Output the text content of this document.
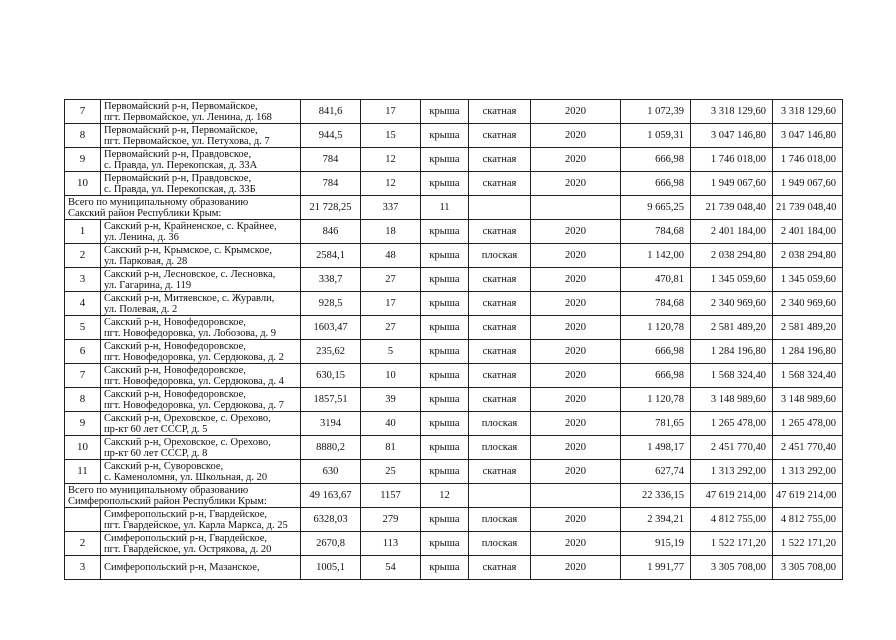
7	Первомайский р-н, Первомайское,
пгт. Первомайское, ул. Ленина, д. 168	841,6	17	крыша	скатная	2020	1 072,39	3 318 129,60	3 318 129,60
8	Первомайский р-н, Первомайское,
пгт. Первомайское, ул. Петухова, д. 7	944,5	15	крыша	скатная	2020	1 059,31	3 047 146,80	3 047 146,80
9	Первомайский р-н, Правдовское,
с. Правда, ул. Перекопская, д. 33А	784	12	крыша	скатная	2020	666,98	1 746 018,00	1 746 018,00
10	Первомайский р-н, Правдовское,
с. Правда, ул. Перекопская, д. 33Б	784	12	крыша	скатная	2020	666,98	1 949 067,60	1 949 067,60

Всего по муниципальному образованию
Сакский район Республики Крым:		21 728,25	337	11			9 665,25	21 739 048,40	21 739 048,40
1	Сакский р-н, Крайненское, с. Крайнее,
ул. Ленина, д. 36	846	18	крыша	скатная	2020	784,68	2 401 184,00	2 401 184,00
2	Сакский р-н, Крымское, с. Крымское,
ул. Парковая, д. 28	2584,1	48	крыша	плоская	2020	1 142,00	2 038 294,80	2 038 294,80
3	Сакский р-н, Лесновское, с. Лесновка,
ул. Гагарина, д. 119	338,7	27	крыша	скатная	2020	470,81	1 345 059,60	1 345 059,60
4	Сакский р-н, Митяевское, с. Журавли,
ул. Полевая, д. 2	928,5	17	крыша	скатная	2020	784,68	2 340 969,60	2 340 969,60
5	Сакский р-н, Новофедоровское,
пгт. Новофедоровка, ул. Лобозова, д. 9	1603,47	27	крыша	скатная	2020	1 120,78	2 581 489,20	2 581 489,20
6	Сакский р-н, Новофедоровское,
пгт. Новофедоровка, ул. Сердюкова, д. 2	235,62	5	крыша	скатная	2020	666,98	1 284 196,80	1 284 196,80
7	Сакский р-н, Новофедоровское,
пгт. Новофедоровка, ул. Сердюкова, д. 4	630,15	10	крыша	скатная	2020	666,98	1 568 324,40	1 568 324,40
8	Сакский р-н, Новофедоровское,
пгт. Новофедоровка, ул. Сердюкова, д. 7	1857,51	39	крыша	скатная	2020	1 120,78	3 148 989,60	3 148 989,60
9	Сакский р-н, Ореховское, с. Орехово,
пр-кт 60 лет СССР, д. 5	3194	40	крыша	плоская	2020	781,65	1 265 478,00	1 265 478,00
10	Сакский р-н, Ореховское, с. Орехово,
пр-кт 60 лет СССР, д. 8	8880,2	81	крыша	плоская	2020	1 498,17	2 451 770,40	2 451 770,40
11	Сакский р-н, Суворовское,
с. Каменоломня, ул. Школьная, д. 20	630	25	крыша	скатная	2020	627,74	1 313 292,00	1 313 292,00

Всего по муниципальному образованию
Симферопольский район Республики Крым:		49 163,67	1157	12			22 336,15	47 619 214,00	47 619 214,00

	Симферопольский р-н, Гвардейское,
пгт. Гвардейское, ул. Карла Маркса, д. 25	6328,03	279	крыша	плоская	2020	2 394,21	4 812 755,00	4 812 755,00
2	Симферопольский р-н, Гвардейское,
пгт. Гвардейское, ул. Острякова, д. 20	2670,8	113	крыша	плоская	2020	915,19	1 522 171,20	1 522 171,20
3	Симферопольский р-н, Мазанское,	1005,1	54	крыша	скатная	2020	1 991,77	3 305 708,00	3 305 708,00
